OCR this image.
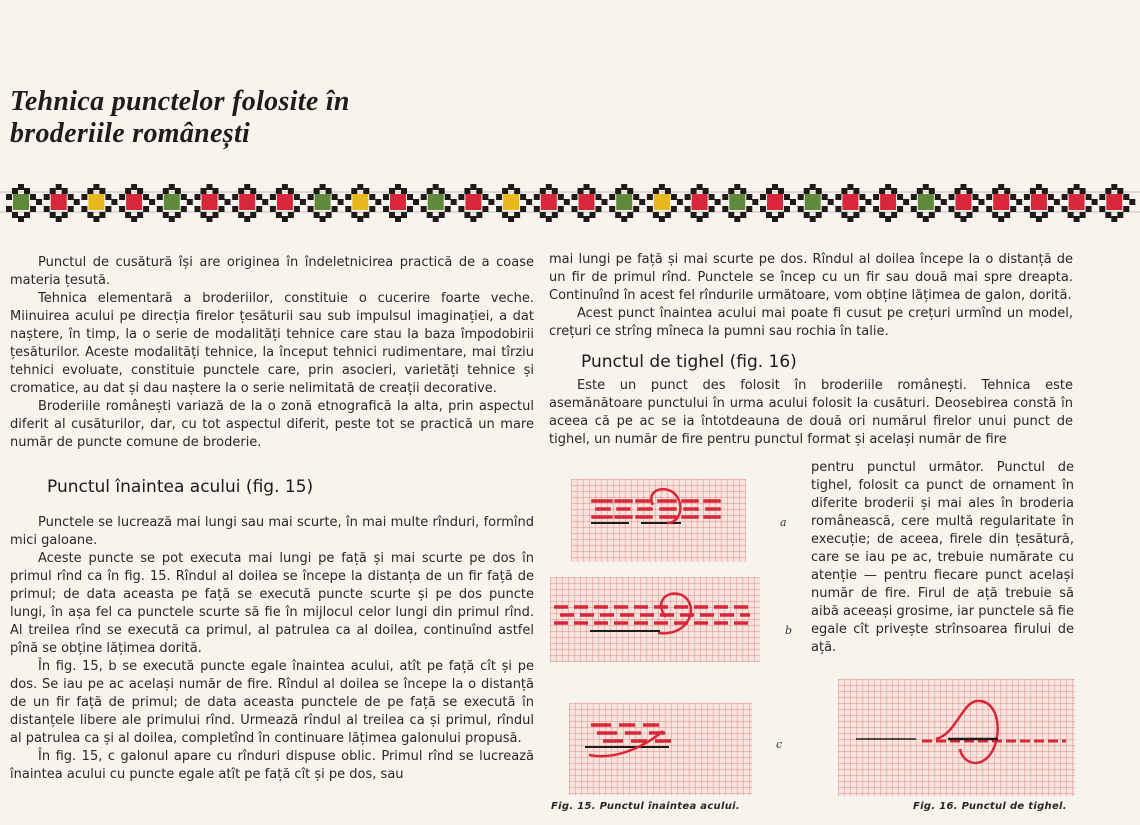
Tehnica punctelor folosite în
broderiile românești

Punctul de cusătură își are originea în îndeletnicirea practică de a coase materia țesută.

Tehnica elementară a broderiilor, constituie o cucerire foarte veche. Miinuirea acului pe direcția firelor țesăturii sau sub impulsul imaginației, a dat naștere, în timp, la o serie de modalități tehnice care stau la baza împodobirii țesăturilor. Aceste modalități tehnice, la început tehnici rudimentare, mai tîrziu tehnici evoluate, constituie punctele care, prin asocieri, varietăți tehnice și cromatice, au dat și dau naștere la o serie nelimitată de creații decorative.

Broderiile românești variază de la o zonă etnografică la alta, prin aspectul diferit al cusăturilor, dar, cu tot aspectul diferit, peste tot se practică un mare număr de puncte comune de broderie.

Punctul înaintea acului (fig. 15)

Punctele se lucrează mai lungi sau mai scurte, în mai multe rînduri, formînd mici galoane.

Aceste puncte se pot executa mai lungi pe față și mai scurte pe dos în primul rînd ca în fig. 15. Rîndul al doilea se începe la distanța de un fir față de primul; de data aceasta pe față se execută puncte scurte și pe dos puncte lungi, în așa fel ca punctele scurte să fie în mijlocul celor lungi din primul rînd. Al treilea rînd se execută ca primul, al patrulea ca al doilea, continuînd astfel pînă se obține lățimea dorită.

În fig. 15, b se execută puncte egale înaintea acului, atît pe față cît și pe dos. Se iau pe ac același număr de fire. Rîndul al doilea se începe la o distanță de un fir față de primul; de data aceasta punctele de pe față se execută în distanțele libere ale primului rînd. Urmează rîndul al treilea ca și primul, rîndul al patrulea ca și al doilea, completînd în continuare lățimea galonului propusă.

În fig. 15, c galonul apare cu rînduri dispuse oblic. Primul rînd se lucrează înaintea acului cu puncte egale atît pe față cît și pe dos, sau

mai lungi pe față și mai scurte pe dos. Rîndul al doilea începe la o distanță de un fir de primul rînd. Punctele se încep cu un fir sau două mai spre dreapta. Continuînd în acest fel rîndurile următoare, vom obține lățimea de galon, dorită.

Acest punct înaintea acului mai poate fi cusut pe crețuri urmînd un model, crețuri ce strîng mîneca la pumni sau rochia în talie.

Punctul de tighel (fig. 16)

Este un punct des folosit în broderiile românești. Tehnica este asemănătoare punctului în urma acului folosit la cusături. Deosebirea constă în aceea că pe ac se ia întotdeauna de două ori numărul firelor unui punct de tighel, un număr de fire pentru punctul format și același număr de fire

pentru punctul următor. Punctul de tighel, folosit ca punct de ornament în diferite broderii și mai ales în broderia românească, cere multă regularitate în execuție; de aceea, firele din țesătură, care se iau pe ac, trebuie numărate cu atenție — pentru fiecare punct același număr de fire. Firul de ață trebuie să aibă aceeași grosime, iar punctele să fie egale cît privește strînsoarea firului de ață.
a
b
c
Fig. 15. Punctul înaintea acului.	Fig. 16. Punctul de tighel.
